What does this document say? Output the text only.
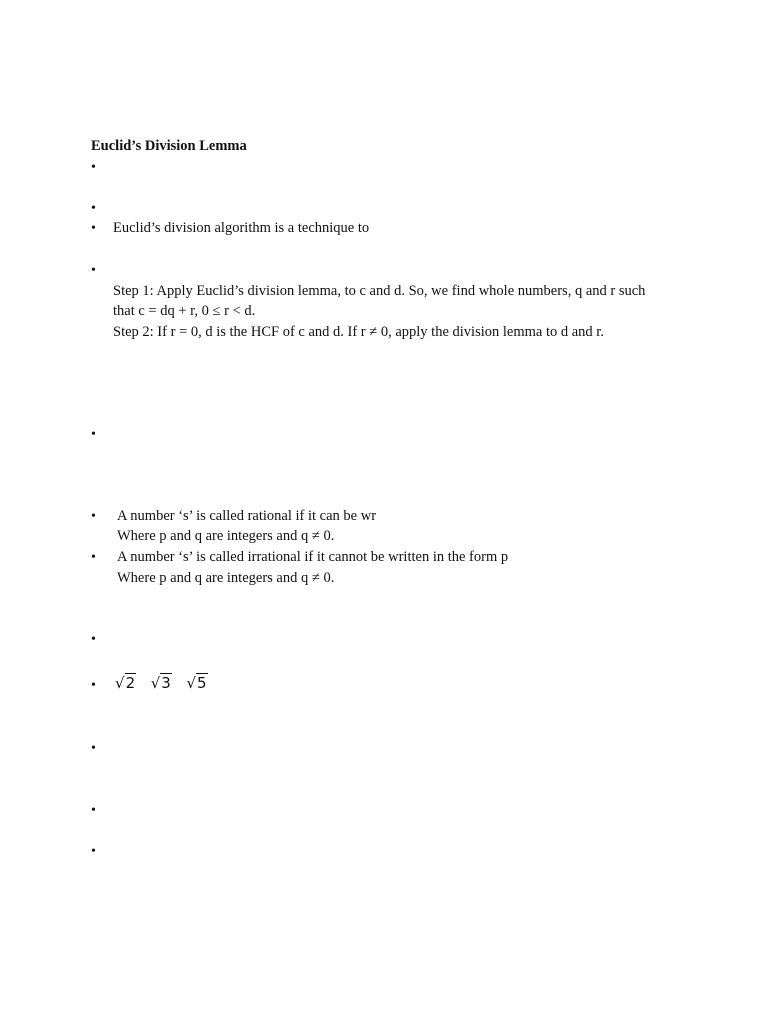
Euclid’s Division Lemma
•
•
•	Euclid’s division algorithm is a technique to
•
Step 1: Apply Euclid’s division lemma, to c and d. So, we find whole numbers, q and r such
that c = dq + r, 0 ≤ r < d.
Step 2: If r = 0, d is the HCF of c and d. If r ≠ 0, apply the division lemma to d and r.
•
•	A number ‘s’ is called rational if it can be wr
Where p and q are integers and q ≠ 0.
•	A number ‘s’ is called irrational if it cannot be written in the form p
Where p and q are integers and q ≠ 0.
•
•	√2 √3 √5
•
•
•
